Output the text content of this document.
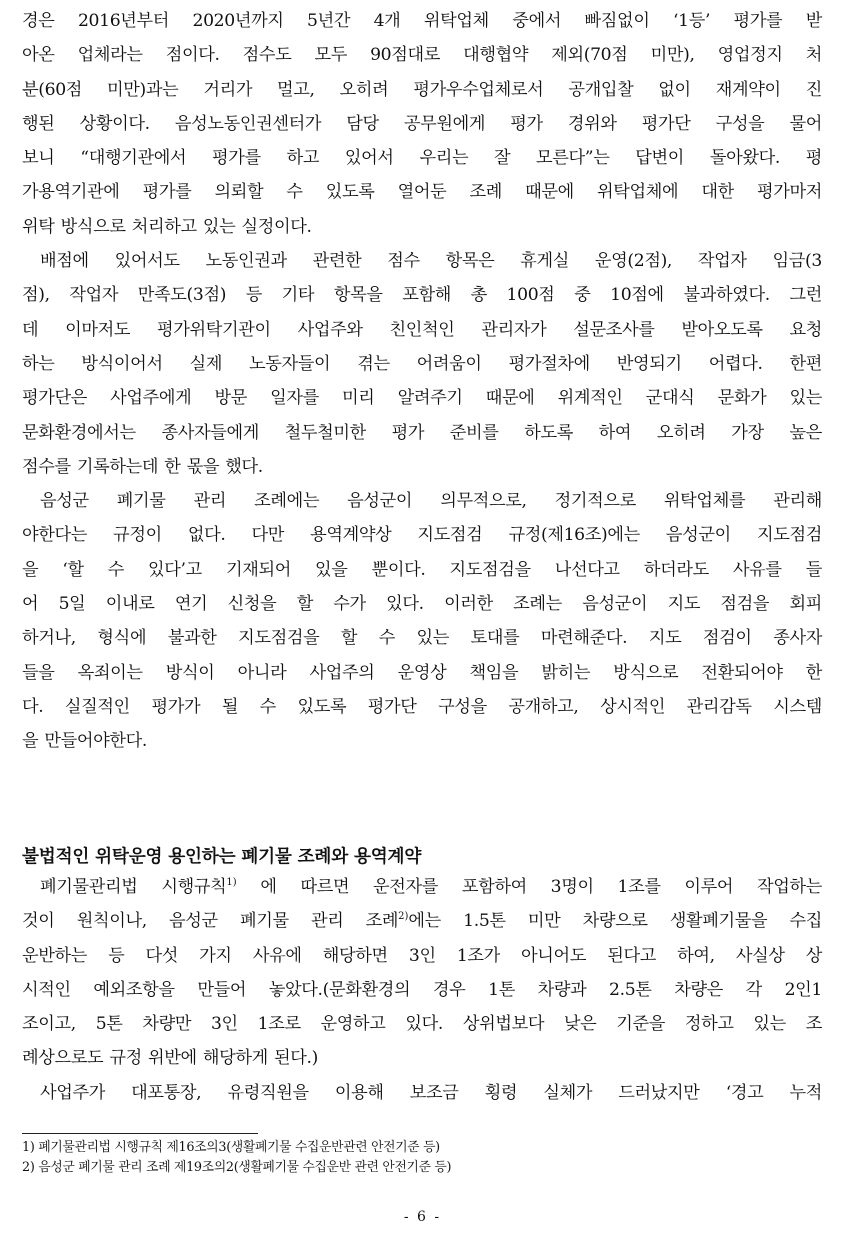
경은 2016년부터 2020년까지 5년간 4개 위탁업체 중에서 빠짐없이 ‘1등’ 평가를 받
아온 업체라는 점이다. 점수도 모두 90점대로 대행협약 제외(70점 미만), 영업정지 처
분(60점 미만)과는 거리가 멀고, 오히려 평가우수업체로서 공개입찰 없이 재계약이 진
행된 상황이다. 음성노동인권센터가 담당 공무원에게 평가 경위와 평가단 구성을 물어
보니 “대행기관에서 평가를 하고 있어서 우리는 잘 모른다”는 답변이 돌아왔다. 평
가용역기관에 평가를 의뢰할 수 있도록 열어둔 조례 때문에 위탁업체에 대한 평가마저
위탁 방식으로 처리하고 있는 실정이다.
배점에 있어서도 노동인권과 관련한 점수 항목은 휴게실 운영(2점), 작업자 임금(3
점), 작업자 만족도(3점) 등 기타 항목을 포함해 총 100점 중 10점에 불과하였다. 그런
데 이마저도 평가위탁기관이 사업주와 친인척인 관리자가 설문조사를 받아오도록 요청
하는 방식이어서 실제 노동자들이 겪는 어려움이 평가절차에 반영되기 어렵다. 한편
평가단은 사업주에게 방문 일자를 미리 알려주기 때문에 위계적인 군대식 문화가 있는
문화환경에서는 종사자들에게 철두철미한 평가 준비를 하도록 하여 오히려 가장 높은
점수를 기록하는데 한 몫을 했다.
음성군 폐기물 관리 조례에는 음성군이 의무적으로, 정기적으로 위탁업체를 관리해
야한다는 규정이 없다. 다만 용역계약상 지도점검 규정(제16조)에는 음성군이 지도점검
을 ‘할 수 있다’고 기재되어 있을 뿐이다. 지도점검을 나선다고 하더라도 사유를 들
어 5일 이내로 연기 신청을 할 수가 있다. 이러한 조례는 음성군이 지도 점검을 회피
하거나, 형식에 불과한 지도점검을 할 수 있는 토대를 마련해준다. 지도 점검이 종사자
들을 옥죄이는 방식이 아니라 사업주의 운영상 책임을 밝히는 방식으로 전환되어야 한
다. 실질적인 평가가 될 수 있도록 평가단 구성을 공개하고, 상시적인 관리감독 시스템
을 만들어야한다.
불법적인 위탁운영 용인하는 폐기물 조례와 용역계약
폐기물관리법 시행규칙$^{1)}$ 에 따르면 운전자를 포함하여 3명이 1조를 이루어 작업하는
것이 원칙이나, 음성군 폐기물 관리 조례$^{2)}$에는 1.5톤 미만 차량으로 생활폐기물을 수집
운반하는 등 다섯 가지 사유에 해당하면 3인 1조가 아니어도 된다고 하여, 사실상 상
시적인 예외조항을 만들어 놓았다.(문화환경의 경우 1톤 차량과 2.5톤 차량은 각 2인1
조이고, 5톤 차량만 3인 1조로 운영하고 있다. 상위법보다 낮은 기준을 정하고 있는 조
례상으로도 규정 위반에 해당하게 된다.)
사업주가 대포통장, 유령직원을 이용해 보조금 횡령 실체가 드러났지만 ‘경고 누적
1) 폐기물관리법 시행규칙 제16조의3(생활폐기물 수집운반관련 안전기준 등)
2) 음성군 폐기물 관리 조례 제19조의2(생활폐기물 수집운반 관련 안전기준 등)
- 6 -
